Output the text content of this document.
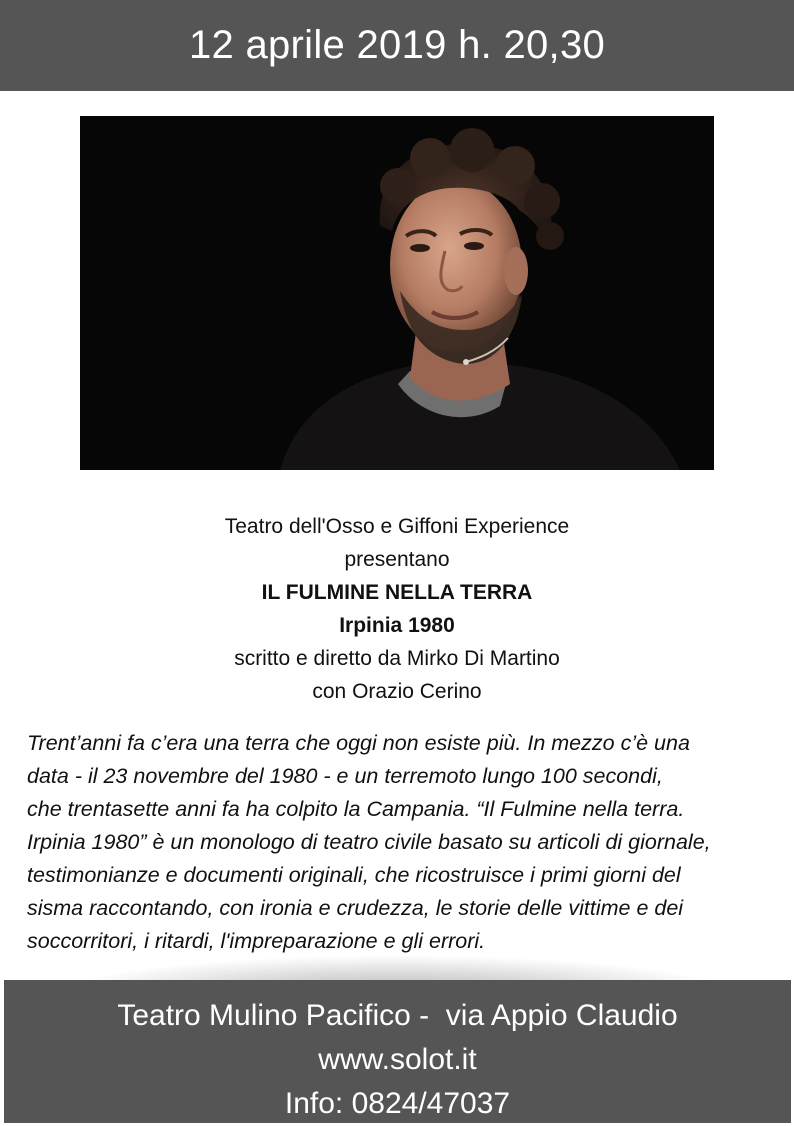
12 aprile 2019 h. 20,30
Teatro dell'Osso e Giffoni Experience
presentano
IL FULMINE NELLA TERRA
Irpinia 1980
scritto e diretto da Mirko Di Martino
con Orazio Cerino

Trent’anni fa c’era una terra che oggi non esiste più. In mezzo c’è una
data - il 23 novembre del 1980 - e un terremoto lungo 100 secondi,
che trentasette anni fa ha colpito la Campania. “Il Fulmine nella terra.
Irpinia 1980” è un monologo di teatro civile basato su articoli di giornale,
testimonianze e documenti originali, che ricostruisce i primi giorni del
sisma raccontando, con ironia e crudezza, le storie delle vittime e dei
soccorritori, i ritardi, l'impreparazione e gli errori.

Teatro Mulino Pacifico -  via Appio Claudio
www.solot.it
Info: 0824/47037
